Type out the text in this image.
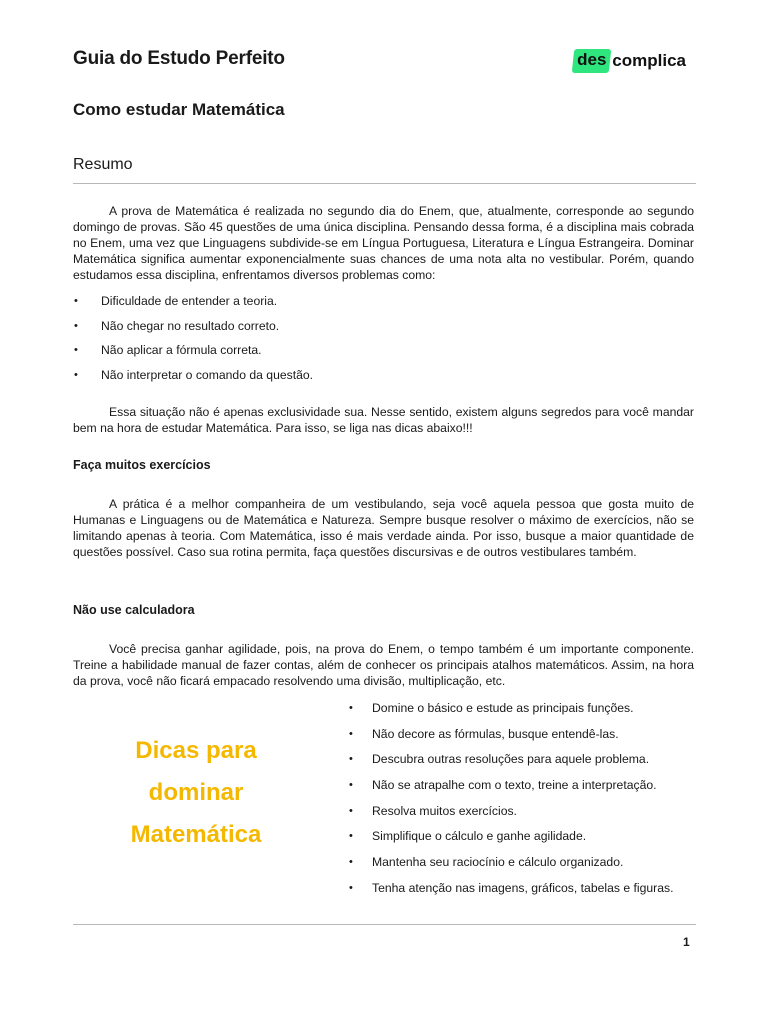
Guia do Estudo Perfeito	des complica
Como estudar Matemática
Resumo

A prova de Matemática é realizada no segundo dia do Enem, que, atualmente, corresponde ao segundo domingo de provas. São 45 questões de uma única disciplina. Pensando dessa forma, é a disciplina mais cobrada no Enem, uma vez que Linguagens subdivide-se em Língua Portuguesa, Literatura e Língua Estrangeira. Dominar Matemática significa aumentar exponencialmente suas chances de uma nota alta no vestibular. Porém, quando estudamos essa disciplina, enfrentamos diversos problemas como:

• Dificuldade de entender a teoria.
• Não chegar no resultado correto.
• Não aplicar a fórmula correta.
• Não interpretar o comando da questão.

Essa situação não é apenas exclusividade sua. Nesse sentido, existem alguns segredos para você mandar bem na hora de estudar Matemática. Para isso, se liga nas dicas abaixo!!!

Faça muitos exercícios

A prática é a melhor companheira de um vestibulando, seja você aquela pessoa que gosta muito de Humanas e Linguagens ou de Matemática e Natureza. Sempre busque resolver o máximo de exercícios, não se limitando apenas à teoria. Com Matemática, isso é mais verdade ainda. Por isso, busque a maior quantidade de questões possível. Caso sua rotina permita, faça questões discursivas e de outros vestibulares também.

Não use calculadora

Você precisa ganhar agilidade, pois, na prova do Enem, o tempo também é um importante componente. Treine a habilidade manual de fazer contas, além de conhecer os principais atalhos matemáticos. Assim, na hora da prova, você não ficará empacado resolvendo uma divisão, multiplicação, etc.

Dicas para
dominar
Matemática
• Domine o básico e estude as principais funções.
• Não decore as fórmulas, busque entendê-las.
• Descubra outras resoluções para aquele problema.
• Não se atrapalhe com o texto, treine a interpretação.
• Resolva muitos exercícios.
• Simplifique o cálculo e ganhe agilidade.
• Mantenha seu raciocínio e cálculo organizado.
• Tenha atenção nas imagens, gráficos, tabelas e figuras.
1
